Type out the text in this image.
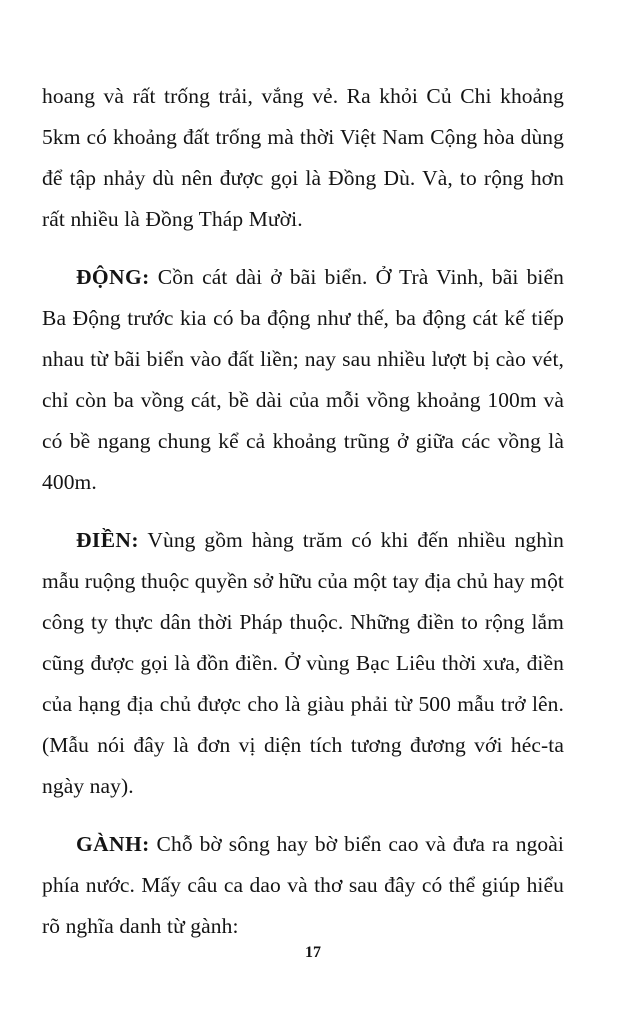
hoang và rất trống trải, vắng vẻ. Ra khỏi Củ Chi khoảng 5km có khoảng đất trống mà thời Việt Nam Cộng hòa dùng để tập nhảy dù nên được gọi là Đồng Dù. Và, to rộng hơn rất nhiều là Đồng Tháp Mười.

ĐỘNG: Cồn cát dài ở bãi biển. Ở Trà Vinh, bãi biển Ba Động trước kia có ba động như thế, ba động cát kế tiếp nhau từ bãi biển vào đất liền; nay sau nhiều lượt bị cào vét, chỉ còn ba vồng cát, bề dài của mỗi vồng khoảng 100m và có bề ngang chung kể cả khoảng trũng ở giữa các vồng là 400m.

ĐIỀN: Vùng gồm hàng trăm có khi đến nhiều nghìn mẫu ruộng thuộc quyền sở hữu của một tay địa chủ hay một công ty thực dân thời Pháp thuộc. Những điền to rộng lắm cũng được gọi là đồn điền. Ở vùng Bạc Liêu thời xưa, điền của hạng địa chủ được cho là giàu phải từ 500 mẫu trở lên. (Mẫu nói đây là đơn vị diện tích tương đương với héc-ta ngày nay).

GÀNH: Chỗ bờ sông hay bờ biển cao và đưa ra ngoài phía nước. Mấy câu ca dao và thơ sau đây có thể giúp hiểu rõ nghĩa danh từ gành:

17
